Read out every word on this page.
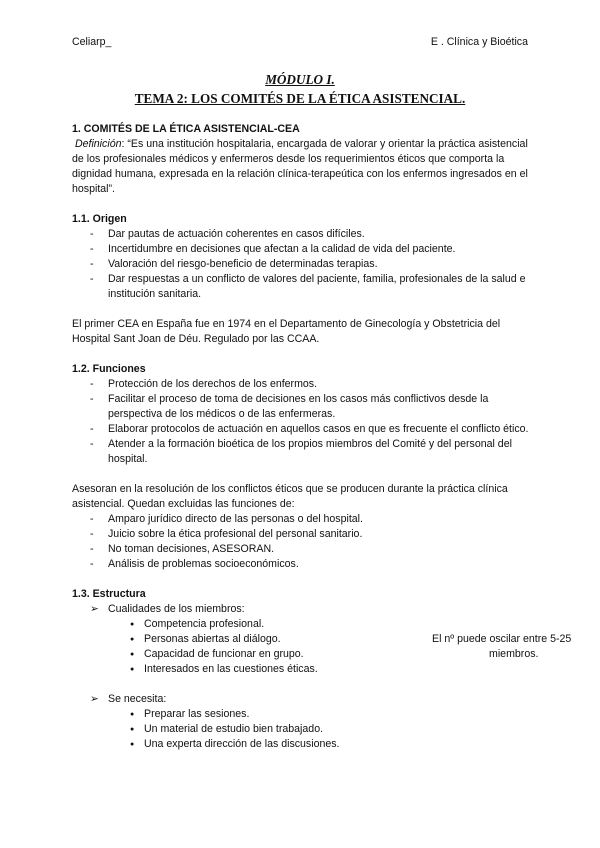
Celiarp_	E . Clínica y Bioética
MÓDULO I.
TEMA 2: LOS COMITÉS DE LA ÉTICA ASISTENCIAL.
1. COMITÉS DE LA ÉTICA ASISTENCIAL-CEA

Definición: “Es una institución hospitalaria, encargada de valorar y orientar la práctica asistencial de los profesionales médicos y enfermeros desde los requerimientos éticos que comporta la dignidad humana, expresada en la relación clínica-terapeútica con los enfermos ingresados en el hospital”.

1.1. Origen
- Dar pautas de actuación coherentes en casos difíciles.
- Incertidumbre en decisiones que afectan a la calidad de vida del paciente.
- Valoración del riesgo-beneficio de determinadas terapias.
- Dar respuestas a un conflicto de valores del paciente, familia, profesionales de la salud e institución sanitaria.

El primer CEA en España fue en 1974 en el Departamento de Ginecología y Obstetricia del Hospital Sant Joan de Déu. Regulado por las CCAA.

1.2. Funciones
- Protección de los derechos de los enfermos.
- Facilitar el proceso de toma de decisiones en los casos más conflictivos desde la perspectiva de los médicos o de las enfermeras.
- Elaborar protocolos de actuación en aquellos casos en que es frecuente el conflicto ético.
- Atender a la formación bioética de los propios miembros del Comité y del personal del hospital.

Asesoran en la resolución de los conflictos éticos que se producen durante la práctica clínica asistencial. Quedan excluidas las funciones de:

- Amparo jurídico directo de las personas o del hospital.
- Juicio sobre la ética profesional del personal sanitario.
- No toman decisiones, ASESORAN.
- Análisis de problemas socioeconómicos.
1.3. Estructura
➢ Cualidades de los miembros:
● Competencia profesional.
● Personas abiertas al diálogo.
● Capacidad de funcionar en grupo.
● Interesados en las cuestiones éticas.
El nº puede oscilar entre 5-25
miembros.
➢ Se necesita:
● Preparar las sesiones.
● Un material de estudio bien trabajado.
● Una experta dirección de las discusiones.
